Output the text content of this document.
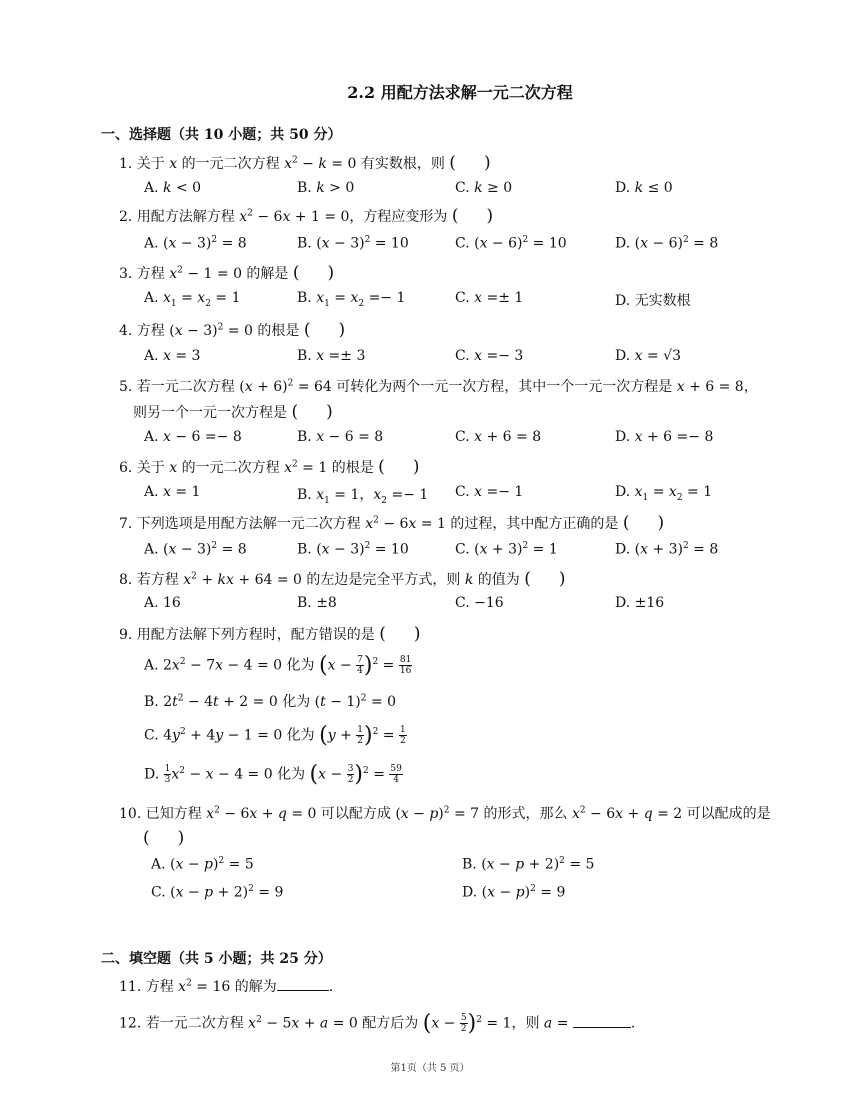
2.2 用配方法求解一元二次方程
一、选择题（共 10 小题；共 50 分）
1. 关于 x 的一元二次方程 $x^2 - k = 0$ 有实数根，则 (　　 )
A. k < 0	B. k > 0	C. k ≥ 0	D. k ≤ 0
2. 用配方法解方程 $x^2 - 6x + 1 = 0$，方程应变形为 (　　 )
A. $(x - 3)^2 = 8$	B. $(x - 3)^2 = 10$	C. $(x - 6)^2 = 10$	D. $(x - 6)^2 = 8$
3. 方程 $x^2 - 1 = 0$ 的解是 (　　 )
A. $x_1 = x_2 = 1$	B. $x_1 = x_2 =- 1$	C. x =± 1	D. 无实数根
4. 方程 $(x - 3)^2 = 0$ 的根是 (　　 )
A. x = 3	B. x =± 3	C. x =− 3	D. x = √3
5. 若一元二次方程 $(x + 6)^2 = 64$ 可转化为两个一元一次方程，其中一个一元一次方程是 x + 6 = 8，
则另一个一元一次方程是 (　　 )
A. x − 6 =− 8	B. x − 6 = 8	C. x + 6 = 8	D. x + 6 =− 8
6. 关于 x 的一元二次方程 $x^2 = 1$ 的根是 (　　 )
A. x = 1	B. $x_1 = 1$，$x_2 =- 1$ C. x =− 1	D. $x_1 = x_2 = 1$
7. 下列选项是用配方法解一元二次方程 $x^2 - 6x = 1$ 的过程，其中配方正确的是 (　　 )
A. $(x - 3)^2 = 8$	B. $(x - 3)^2 = 10$	C. $(x + 3)^2 = 1$	D. $(x + 3)^2 = 8$
8. 若方程 $x^2$ + kx + 64 = 0 的左边是完全平方式，则 k 的值为 (　　 )
A. 16	B. ±8	C. −16	D. ±16
9. 用配方法解下列方程时，配方错误的是 (　　 )
A. $2x^2 - 7x - 4 = 0$ 化为 $(x - \frac{7}{4} )^2 = \frac{81}{16}$
B. $2t^2 - 4t + 2 = 0$ 化为 $(t - 1)^2 = 0$
C. $4y^2 + 4y - 1 = 0$ 化为 $(y + \frac{1}{2} )^2 = \frac{1}{2}$
D. $\frac{1}{3} x^2 - x - 4 = 0$ 化为 $(x - \frac{3}{2} )^2 = \frac{59}{4}$
10. 已知方程 $x^2 - 6x + q = 0$ 可以配方成 $(x - p)^2 = 7$ 的形式，那么 $x^2 - 6x + q = 2$ 可以配成的是
(　　 )
A. $(x - p)^2 = 5$	B. $(x - p + 2)^2 = 5$
C. $(x - p + 2)^2 = 9$	D. $(x - p)^2 = 9$
二、填空题（共 5 小题；共 25 分）
11. 方程 $x^2 = 16$ 的解为	.
12. 若一元二次方程 $x^2 - 5x + a = 0$ 配方后为 $(x - \frac{5}{2} )^2 = 1$，则 a =	.
第1页（共 5 页）
